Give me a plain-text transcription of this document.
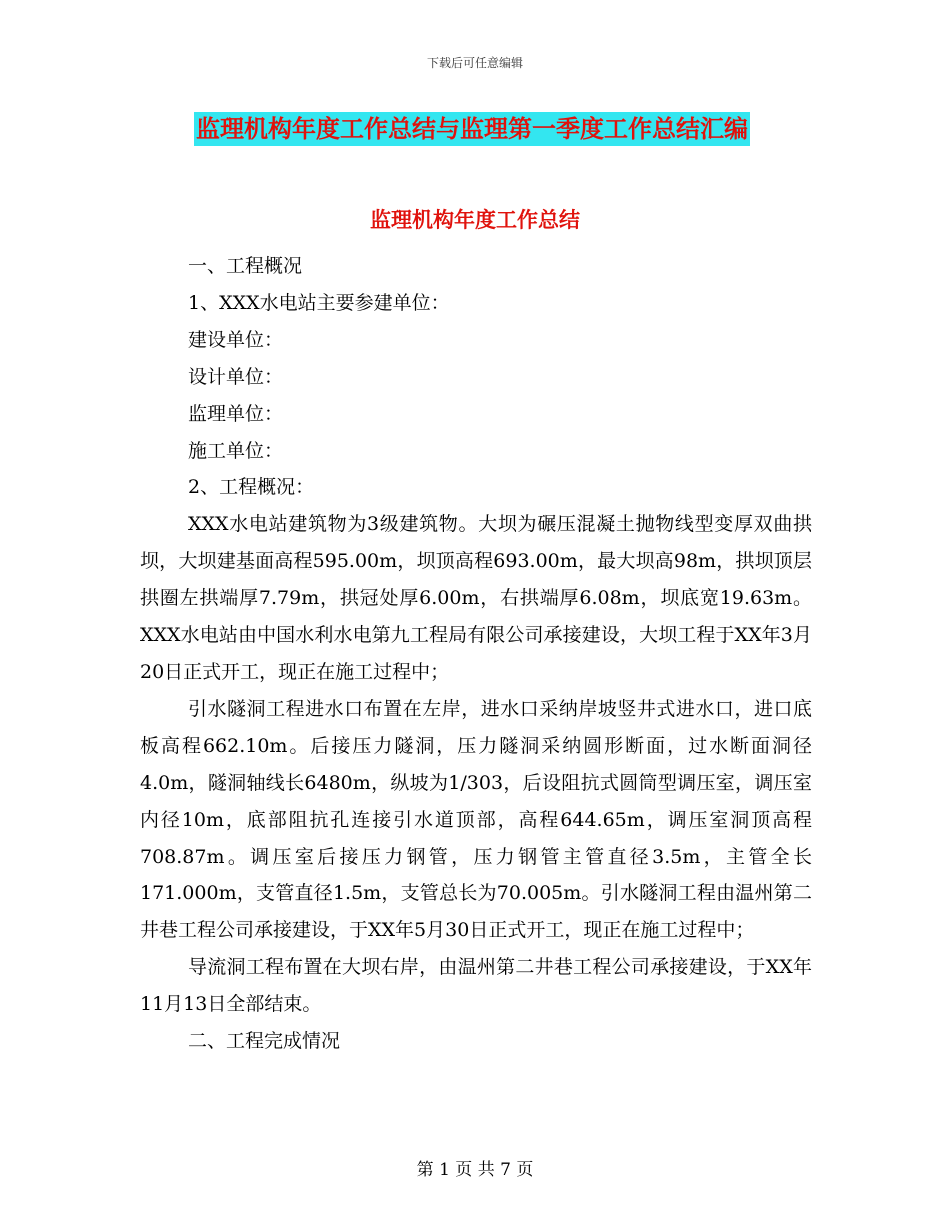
下载后可任意编辑
监理机构年度工作总结与监理第一季度工作总结汇编
监理机构年度工作总结

一、工程概况

1、XXX水电站主要参建单位：

建设单位：

设计单位：

监理单位：

施工单位：

2、工程概况：

XXX水电站建筑物为3级建筑物。大坝为碾压混凝土抛物线型变厚双曲拱坝，大坝建基面高程595.00m，坝顶高程693.00m，最大坝高98m，拱坝顶层拱圈左拱端厚7.79m，拱冠处厚6.00m，右拱端厚6.08m，坝底宽19.63m。XXX水电站由中国水利水电第九工程局有限公司承接建设，大坝工程于XX年3月20日正式开工，现正在施工过程中；

引水隧洞工程进水口布置在左岸，进水口采纳岸坡竖井式进水口，进口底板高程662.10m。后接压力隧洞，压力隧洞采纳圆形断面，过水断面洞径4.0m，隧洞轴线长6480m，纵坡为1/303，后设阻抗式圆筒型调压室，调压室内径10m，底部阻抗孔连接引水道顶部，高程644.65m，调压室洞顶高程708.87m。调压室后接压力钢管，压力钢管主管直径3.5m，主管全长171.000m，支管直径1.5m，支管总长为70.005m。引水隧洞工程由温州第二井巷工程公司承接建设，于XX年5月30日正式开工，现正在施工过程中；

导流洞工程布置在大坝右岸，由温州第二井巷工程公司承接建设，于XX年11月13日全部结束。

二、工程完成情况

第 1 页 共 7 页
